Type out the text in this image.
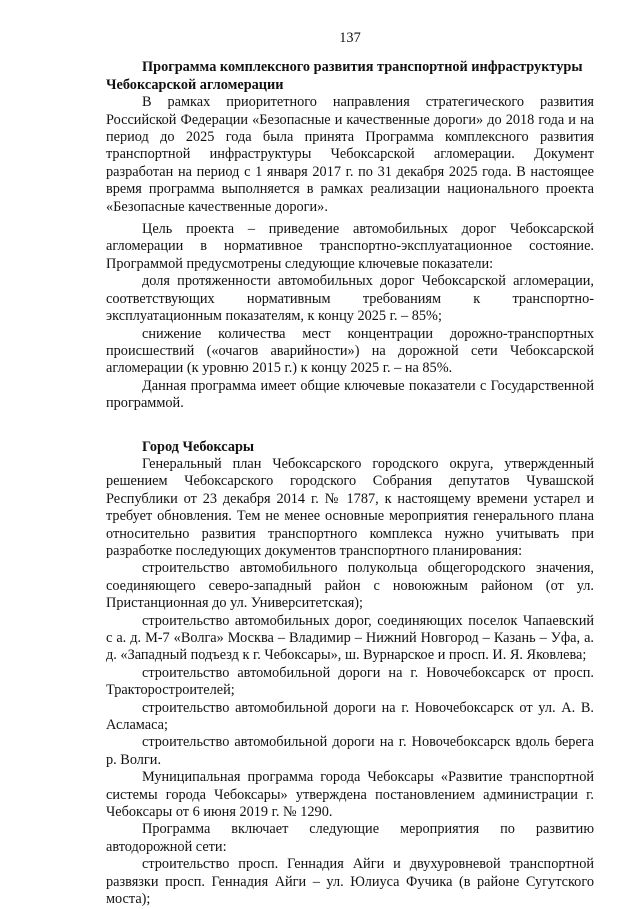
137

Программа комплексного развития транспортной инфраструктуры Чебоксарской агломерации

В рамках приоритетного направления стратегического развития Российской Федерации «Безопасные и качественные дороги» до 2018 года и на период до 2025 года была принята Программа комплексного развития транспортной инфраструктуры Чебоксарской агломерации. Документ разработан на период с 1 января 2017 г. по 31 декабря 2025 года. В настоящее время программа выполняется в рамках реализации национального проекта «Безопасные качественные дороги».

Цель проекта – приведение автомобильных дорог Чебоксарской агломерации в нормативное транспортно-эксплуатационное состояние. Программой предусмотрены следующие ключевые показатели:

доля протяженности автомобильных дорог Чебоксарской агломерации, соответствующих нормативным требованиям к транспортно-эксплуатационным показателям, к концу 2025 г. – 85%;

снижение количества мест концентрации дорожно-транспортных происшествий («очагов аварийности») на дорожной сети Чебоксарской агломерации (к уровню 2015 г.) к концу 2025 г. – на 85%.

Данная программа имеет общие ключевые показатели с Государственной программой.

Город Чебоксары

Генеральный план Чебоксарского городского округа, утвержденный решением Чебоксарского городского Собрания депутатов Чувашской Республики от 23 декабря 2014 г. № 1787, к настоящему времени устарел и требует обновления. Тем не менее основные мероприятия генерального плана относительно развития транспортного комплекса нужно учитывать при разработке последующих документов транспортного планирования:

строительство автомобильного полукольца общегородского значения, соединяющего северо-западный район с новоюжным районом (от ул. Пристанционная до ул. Университетская);

строительство автомобильных дорог, соединяющих поселок Чапаевский с а. д. М-7 «Волга» Москва – Владимир – Нижний Новгород – Казань – Уфа, а. д. «Западный подъезд к г. Чебоксары», ш. Вурнарское и просп. И. Я. Яковлева;

строительство автомобильной дороги на г. Новочебоксарск от просп. Тракторостроителей;

строительство автомобильной дороги на г. Новочебоксарск от ул. А. В. Асламаса;

строительство автомобильной дороги на г. Новочебоксарск вдоль берега р. Волги.

Муниципальная программа города Чебоксары «Развитие транспортной системы города Чебоксары» утверждена постановлением администрации г. Чебоксары от 6 июня 2019 г. № 1290.

Программа включает следующие мероприятия по развитию автодорожной сети:

строительство просп. Геннадия Айги и двухуровневой транспортной развязки просп. Геннадия Айги – ул. Юлиуса Фучика (в районе Сугутского моста);
